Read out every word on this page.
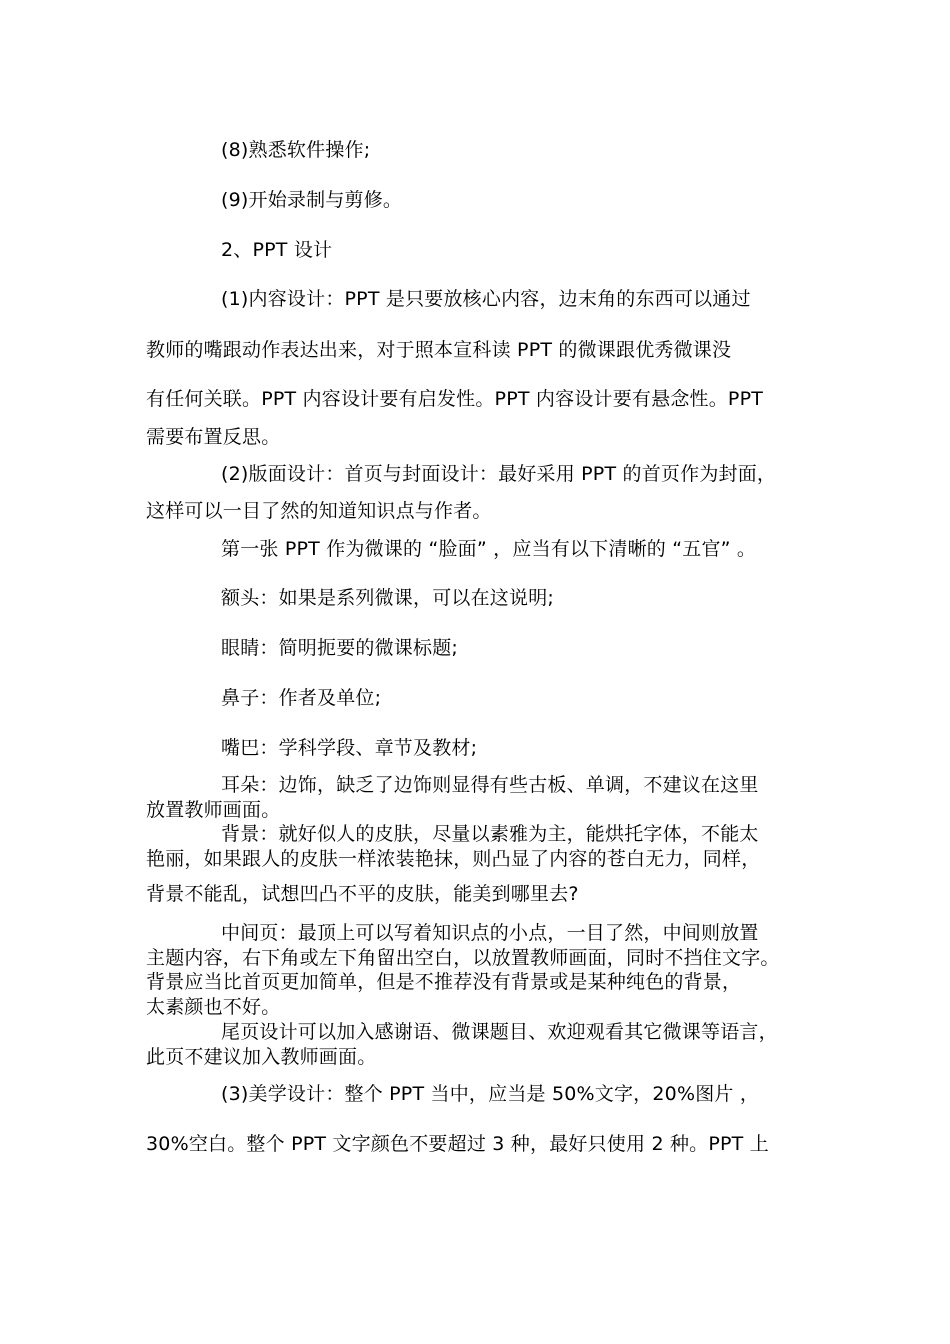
(8)熟悉软件操作;
(9)开始录制与剪修。
2、PPT 设计
(1)内容设计：PPT 是只要放核心内容，边末角的东西可以通过
教师的嘴跟动作表达出来，对于照本宣科读 PPT 的微课跟优秀微课没
有任何关联。PPT 内容设计要有启发性。PPT 内容设计要有悬念性。PPT
需要布置反思。
(2)版面设计：首页与封面设计：最好采用 PPT 的首页作为封面，
这样可以一目了然的知道知识点与作者。
第一张 PPT 作为微课的 “脸面” ，应当有以下清晰的 “五官” 。
额头：如果是系列微课，可以在这说明;
眼睛：简明扼要的微课标题;
鼻子：作者及单位;
嘴巴：学科学段、章节及教材;
耳朵：边饰，缺乏了边饰则显得有些古板、单调，不建议在这里
放置教师画面。
背景：就好似人的皮肤，尽量以素雅为主，能烘托字体，不能太
艳丽，如果跟人的皮肤一样浓装艳抹，则凸显了内容的苍白无力，同样，
背景不能乱，试想凹凸不平的皮肤，能美到哪里去?
中间页：最顶上可以写着知识点的小点，一目了然，中间则放置
主题内容，右下角或左下角留出空白，以放置教师画面，同时不挡住文字。
背景应当比首页更加简单，但是不推荐没有背景或是某种纯色的背景，
太素颜也不好。
尾页设计可以加入感谢语、微课题目、欢迎观看其它微课等语言，
此页不建议加入教师画面。
(3)美学设计：整个 PPT 当中，应当是 50%文字，20%图片 ，
30%空白。整个 PPT 文字颜色不要超过 3 种，最好只使用 2 种。PPT 上
